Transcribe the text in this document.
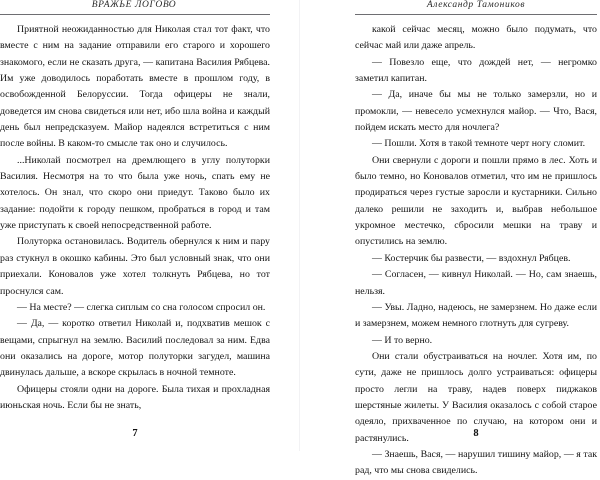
ВРАЖЬЕ ЛОГОВО

Приятной неожиданностью для Николая стал тот факт, что вместе с ним на задание отправили его старого и хорошего знакомого, если не сказать друга, — капитана Василия Рябцева. Им уже доводилось поработать вместе в прошлом году, в освобожденной Белоруссии. Тогда офицеры не знали, доведется им снова свидеться или нет, ибо шла война и каждый день был непредсказуем. Майор надеялся встретиться с ним после войны. В каком-то смысле так оно и случилось.

...Николай посмотрел на дремлющего в углу полуторки Василия. Несмотря на то что была уже ночь, спать ему не хотелось. Он знал, что скоро они приедут. Таково было их задание: подойти к городу пешком, пробраться в город и там уже приступать к своей непосредственной работе.

Полуторка остановилась. Водитель обернулся к ним и пару раз стукнул в окошко кабины. Это был условный знак, что они приехали. Коновалов уже хотел толкнуть Рябцева, но тот проснулся сам.

— На месте? — слегка сиплым со сна голосом спросил он.

— Да, — коротко ответил Николай и, подхватив мешок с вещами, спрыгнул на землю. Василий последовал за ним. Едва они оказались на дороге, мотор полуторки загудел, машина двинулась дальше, а вскоре скрылась в ночной темноте.

Офицеры стояли одни на дороге. Была тихая и прохладная июньская ночь. Если бы не знать,

7
Александр Тамоников

какой сейчас месяц, можно было подумать, что сейчас май или даже апрель.

— Повезло еще, что дождей нет, — негромко заметил капитан.

— Да, иначе бы мы не только замерзли, но и промокли, — невесело усмехнулся майор. — Что, Вася, пойдем искать место для ночлега?

— Пошли. Хотя в такой темноте черт ногу сломит.

Они свернули с дороги и пошли прямо в лес. Хоть и было темно, но Коновалов отметил, что им не пришлось продираться через густые заросли и кустарники. Сильно далеко решили не заходить и, выбрав небольшое укромное местечко, сбросили мешки на траву и опустились на землю.

— Костерчик бы развести, — вздохнул Рябцев.

— Согласен, — кивнул Николай. — Но, сам знаешь, нельзя.

— Увы. Ладно, надеюсь, не замерзнем. Но даже если и замерзнем, можем немного глотнуть для сугреву.

— И то верно.

Они стали обустраиваться на ночлег. Хотя им, по сути, даже не пришлось долго устраиваться: офицеры просто легли на траву, надев поверх пиджаков шерстяные жилеты. У Василия оказалось с собой старое одеяло, прихваченное по случаю, на котором они и растянулись.

— Знаешь, Вася, — нарушил тишину майор, — я так рад, что мы снова свиделись.

8
